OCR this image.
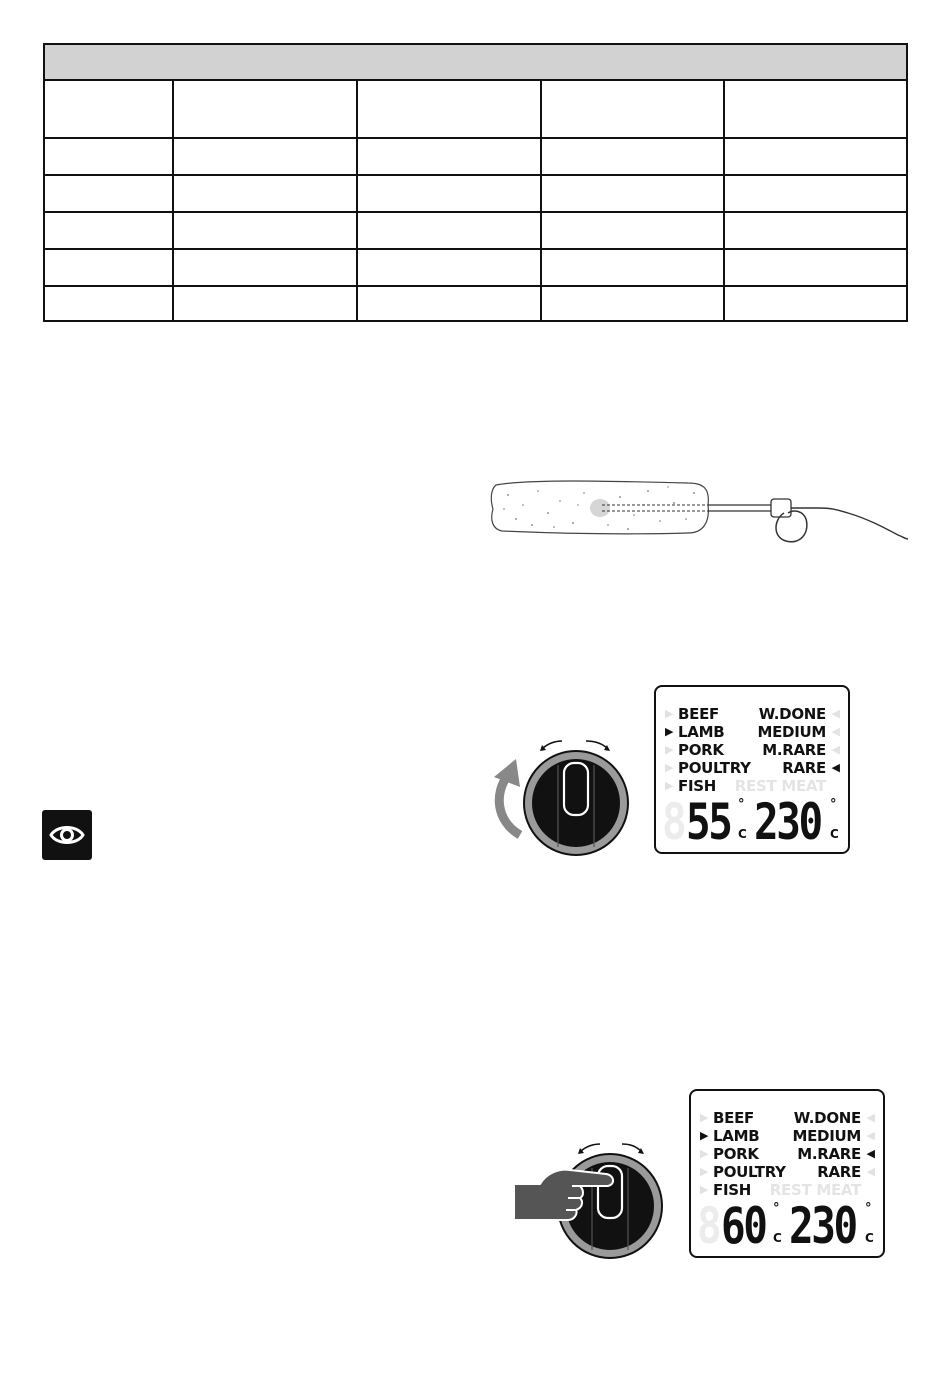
▶ BEEF	W.DONE ◀
▶ LAMB MEDIUM ◀
▶ PORK	M.RARE ◀
▶ POULTRY RARE ◀
▶ FISH REST MEAT
8 55 °
C 230 °
C
▶ BEEF	W.DONE ◀
▶ LAMB MEDIUM ◀
▶ PORK	M.RARE ◀
▶ POULTRY RARE ◀
▶ FISH REST MEAT
8 60 °
C 230 °
C
